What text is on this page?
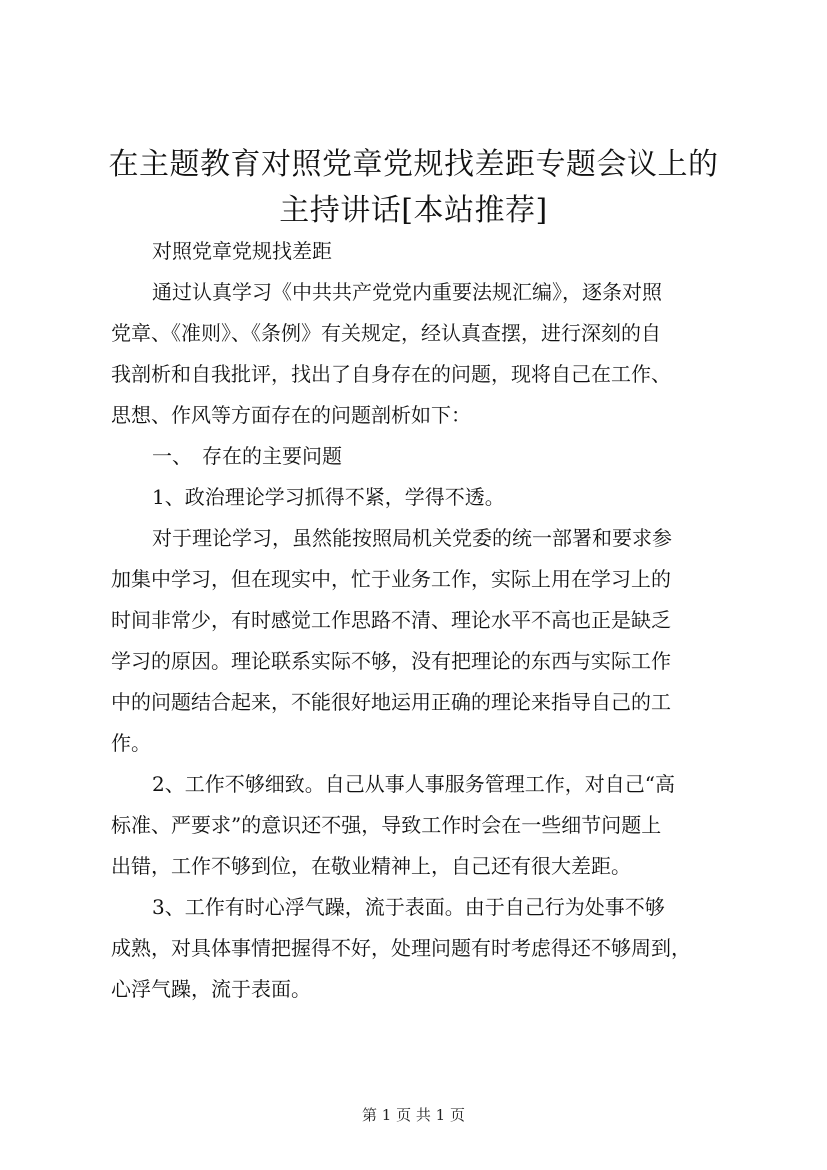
在主题教育对照党章党规找差距专题会议上的
主持讲话[本站推荐]

对照党章党规找差距

通过认真学习《中共共产党党内重要法规汇编》，逐条对照

党章、《准则》、《条例》有关规定，经认真查摆，进行深刻的自

我剖析和自我批评，找出了自身存在的问题，现将自己在工作、

思想、作风等方面存在的问题剖析如下：

一、　存在的主要问题

1、政治理论学习抓得不紧，学得不透。

对于理论学习，虽然能按照局机关党委的统一部署和要求参

加集中学习，但在现实中，忙于业务工作，实际上用在学习上的

时间非常少，有时感觉工作思路不清、理论水平不高也正是缺乏

学习的原因。理论联系实际不够，没有把理论的东西与实际工作

中的问题结合起来，不能很好地运用正确的理论来指导自己的工

作。

2、工作不够细致。自己从事人事服务管理工作，对自己“高

标准、严要求”的意识还不强，导致工作时会在一些细节问题上

出错，工作不够到位，在敬业精神上，自己还有很大差距。

3、工作有时心浮气躁，流于表面。由于自己行为处事不够

成熟，对具体事情把握得不好，处理问题有时考虑得还不够周到，

心浮气躁，流于表面。

第 1 页 共 1 页
